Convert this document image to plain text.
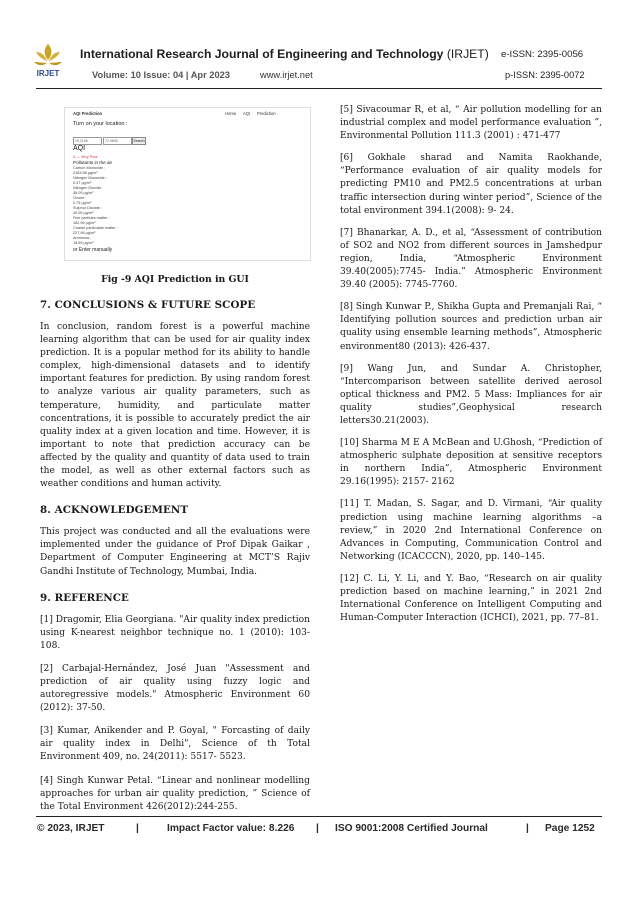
IRJET
International Research Journal of Engineering and Technology (IRJET) e-ISSN: 2395-0056
Volume: 10 Issue: 04 | Apr 2023	www.irjet.net	p-ISSN: 2395-0072
AQI Prediction	Home AQI Prediction
Turn on your location :
19.2166	72.9896	Search
AQI
4 — Very Poor
Pollutants in the air
Carbon Monoxide :
2183.58 µg/m³
Nitrogen Monoxide :
0.37 µg/m³
Nitrogen Dioxide :
36.09 µg/m³
Ozone :
2.75 µg/m³
Sulphur Dioxide :
40.05 µg/m³
Fine particles matter :
182.96 µg/m³
Coarse particulate matter :
227.96 µg/m³
Ammonia :
18.69 µg/m³
or Enter manually
Fig -9 AQI Prediction in GUI
7. CONCLUSIONS & FUTURE SCOPE

In conclusion, random forest is a powerful machine learning algorithm that can be used for air quality index prediction. It is a popular method for its ability to handle complex, high-dimensional datasets and to identify important features for prediction. By using random forest to analyze various air quality parameters, such as temperature, humidity, and particulate matter concentrations, it is possible to accurately predict the air quality index at a given location and time. However, it is important to note that prediction accuracy can be affected by the quality and quantity of data used to train the model, as well as other external factors such as weather conditions and human activity.

8. ACKNOWLEDGEMENT

This project was conducted and all the evaluations were implemented under the guidance of Prof Dipak Gaikar , Department of Computer Engineering at MCT’S Rajiv Gandhi Institute of Technology, Mumbai, India.

9. REFERENCE

[1] Dragomir, Elia Georgiana. "Air quality index prediction using K-nearest neighbor technique no. 1 (2010): 103-108.

[2] Carbajal-Hernández, José Juan "Assessment and prediction of air quality using fuzzy logic and autoregressive models." Atmospheric Environment 60 (2012): 37-50.

[3] Kumar, Anikender and P. Goyal, " Forcasting of daily air quality index in Delhi", Science of th Total Environment 409, no. 24(2011): 5517- 5523.

[4] Singh Kunwar Petal. “Linear and nonlinear modelling approaches for urban air quality prediction, ” Science of the Total Environment 426(2012):244-255.

[5] Sivacoumar R, et al, “ Air pollution modelling for an industrial complex and model performance evaluation ”, Environmental Pollution 111.3 (2001) : 471-477

[6] Gokhale sharad and Namita Raokhande, “Performance evaluation of air quality models for predicting PM10 and PM2.5 concentrations at urban traffic intersection during winter period”, Science of the total environment 394.1(2008): 9- 24.

[7] Bhanarkar, A. D., et al, “Assessment of contribution of SO2 and NO2 from different sources in Jamshedpur region, India, “Atmospheric Environment 39.40(2005):7745- India.” Atmospheric Environment 39.40 (2005): 7745-7760.

[8] Singh Kunwar P., Shikha Gupta and Premanjali Rai, “ Identifying pollution sources and prediction urban air quality using ensemble learning methods”, Atmospheric environment80 (2013): 426-437.

[9] Wang Jun, and Sundar A. Christopher, “Intercomparison between satellite derived aerosol optical thickness and PM2. 5 Mass: Impliances for air quality studies”,Geophysical research letters30.21(2003).

[10] Sharma M E A McBean and U.Ghosh, “Prediction of atmospheric sulphate deposition at sensitive receptors in northern India”, Atmospheric Environment 29.16(1995): 2157- 2162

[11] T. Madan, S. Sagar, and D. Virmani, “Air quality prediction using machine learning algorithms –a review,” in 2020 2nd International Conference on Advances in Computing, Communication Control and Networking (ICACCCN), 2020, pp. 140–145.

[12] C. Li, Y. Li, and Y. Bao, “Research on air quality prediction based on machine learning,” in 2021 2nd International Conference on Intelligent Computing and Human-Computer Interaction (ICHCI), 2021, pp. 77–81.

© 2023, IRJET	|	Impact Factor value: 8.226 | ISO 9001:2008 Certified Journal	| Page 1252
